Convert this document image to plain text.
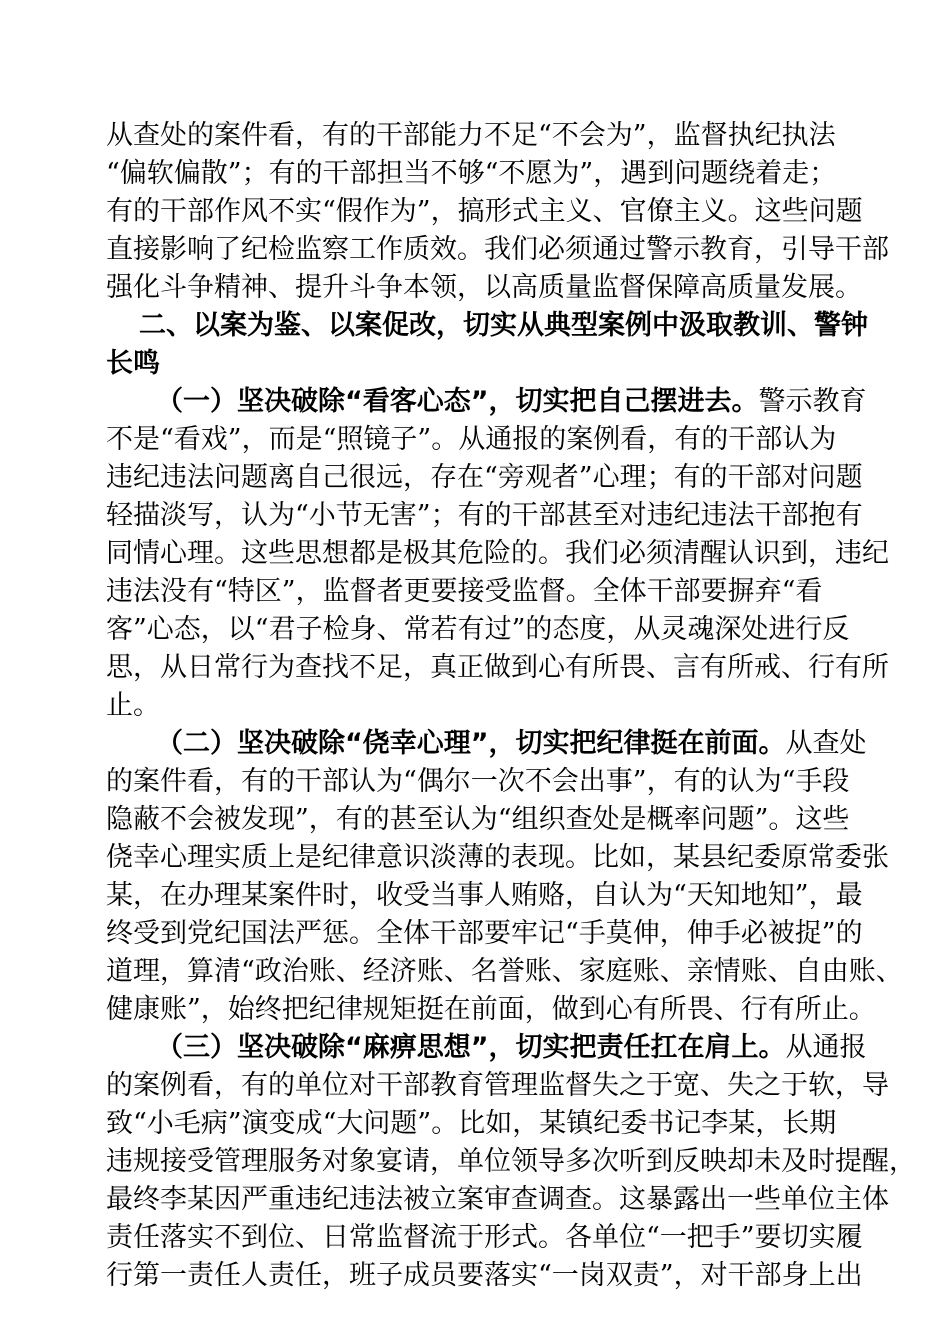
从查处的案件看，有的干部能力不足“不会为”，监督执纪执法
“偏软偏散”；有的干部担当不够“不愿为”，遇到问题绕着走；
有的干部作风不实“假作为”，搞形式主义、官僚主义。这些问题
直接影响了纪检监察工作质效。我们必须通过警示教育，引导干部
强化斗争精神、提升斗争本领，以高质量监督保障高质量发展。
二、以案为鉴、以案促改，切实从典型案例中汲取教训、警钟
长鸣
（一）坚决破除“看客心态”，切实把自己摆进去。警示教育
不是“看戏”，而是“照镜子”。从通报的案例看，有的干部认为
违纪违法问题离自己很远，存在“旁观者”心理；有的干部对问题
轻描淡写，认为“小节无害”；有的干部甚至对违纪违法干部抱有
同情心理。这些思想都是极其危险的。我们必须清醒认识到，违纪
违法没有“特区”，监督者更要接受监督。全体干部要摒弃“看
客”心态，以“君子检身、常若有过”的态度，从灵魂深处进行反
思，从日常行为查找不足，真正做到心有所畏、言有所戒、行有所
止。
（二）坚决破除“侥幸心理”，切实把纪律挺在前面。从查处
的案件看，有的干部认为“偶尔一次不会出事”，有的认为“手段
隐蔽不会被发现”，有的甚至认为“组织查处是概率问题”。这些
侥幸心理实质上是纪律意识淡薄的表现。比如，某县纪委原常委张
某，在办理某案件时，收受当事人贿赂，自认为“天知地知”，最
终受到党纪国法严惩。全体干部要牢记“手莫伸，伸手必被捉”的
道理，算清“政治账、经济账、名誉账、家庭账、亲情账、自由账、
健康账”，始终把纪律规矩挺在前面，做到心有所畏、行有所止。
（三）坚决破除“麻痹思想”，切实把责任扛在肩上。从通报
的案例看，有的单位对干部教育管理监督失之于宽、失之于软，导
致“小毛病”演变成“大问题”。比如，某镇纪委书记李某，长期
违规接受管理服务对象宴请，单位领导多次听到反映却未及时提醒，
最终李某因严重违纪违法被立案审查调查。这暴露出一些单位主体
责任落实不到位、日常监督流于形式。各单位“一把手”要切实履
行第一责任人责任，班子成员要落实“一岗双责”，对干部身上出
